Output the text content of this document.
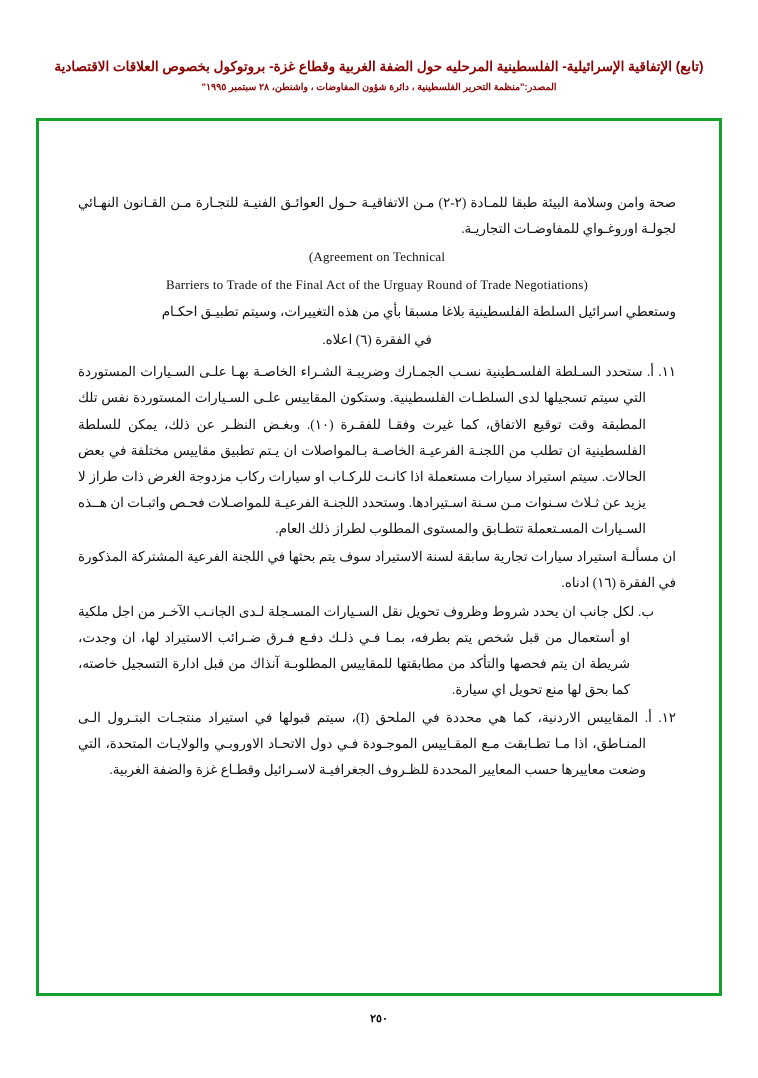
(تابع) الإتفاقية الإسرائيلية- الفلسطينية المرحليه حول الضفة الغربية وقطاع غزة- بروتوكول بخصوص العلاقات الاقتصادية
المصدر:"منظمة التحرير الفلسطينية ، دائرة شؤون المفاوضات ، واشنطن، ٢٨ سبتمبر ١٩٩٥"

صحة وامن وسلامة البيئة طبقا للمـادة (٢-٢) مـن الاتفاقيـة حـول العوائـق الفنيـة للتجـارة مـن القـانون النهـائي لجولـة اوروغـواي للمفاوضـات التجاريـة.

(Agreement on Technical

Barriers to Trade of the Final Act of the Urguay Round of Trade Negotiations)

وستعطي اسرائيل السلطة الفلسطينية بلاغا مسبقا بأي من هذه التغييرات، وسيتم تطبيـق احكـام

في الفقرة (٦) اعلاه.

١١. أ. ستحدد السـلطة الفلسـطينية نسـب الجمـارك وضريبـة الشـراء الخاصـة بهـا علـى السـيارات المستوردة التي سيتم تسجيلها لدى السلطـات الفلسطينية. وستكون المقاييس علـى السـيارات المستوردة نفس تلك المطبقة وقت توقيع الاتفاق، كما غيرت وفقـا للفقـرة (١٠). وبغـض النظـر عن ذلك، يمكن للسلطة الفلسطينية ان تطلب من اللجنـة الفرعيـة الخاصـة بـالمواصلات ان يـتم تطبيق مقاييس مختلفة في بعض الحالات. سيتم استيراد سيارات مستعملة اذا كانـت للركـاب او سيارات ركاب مزدوجة الغرض ذات طراز لا يزيد عن ثـلاث سـنوات مـن سـنة اسـتيرادها. وستحدد اللجنـة الفرعيـة للمواصـلات فحـص واثبـات ان هــذه السـيارات المسـتعملة تتطـابق والمستوى المطلوب لطراز ذلك العام.

ان مسألـة استيراد سيارات تجارية سابقة لسنة الاستيراد سوف يتم بحثها في اللجنة الفرعية المشتركة المذكورة في الفقرة (١٦) ادناه.

ب. لكل جانب ان يحدد شروط وظروف تحويل نقل السـيارات المسـجلة لـدى الجانـب الآخـر من اجل ملكية او أستعمال من قبل شخص يتم بطرفه، بمـا فـي ذلـك دفـع فـرق ضـرائب الاستيراد لها، ان وجدت، شريطة ان يتم فحصها والتأكد من مطابقتها للمقاييس المطلوبـة آنذاك من قبل ادارة التسجيل خاصته، كما بحق لها منع تحويل اي سيارة.

١٢. أ. المقاييس الاردنية، كما هي محددة في الملحق (I)، سيتم قبولها في استيراد منتجـات البتـرول الـى المنـاطق، اذا مـا تطـابقت مـع المقـاييس الموجـودة فـي دول الاتحـاد الاوروبـي والولايـات المتحدة، التي وضعت معاييرها حسب المعايير المحددة للظـروف الجغرافيـة لاسـرائيل وقطـاع غزة والضفة الغربية.

٢٥٠
